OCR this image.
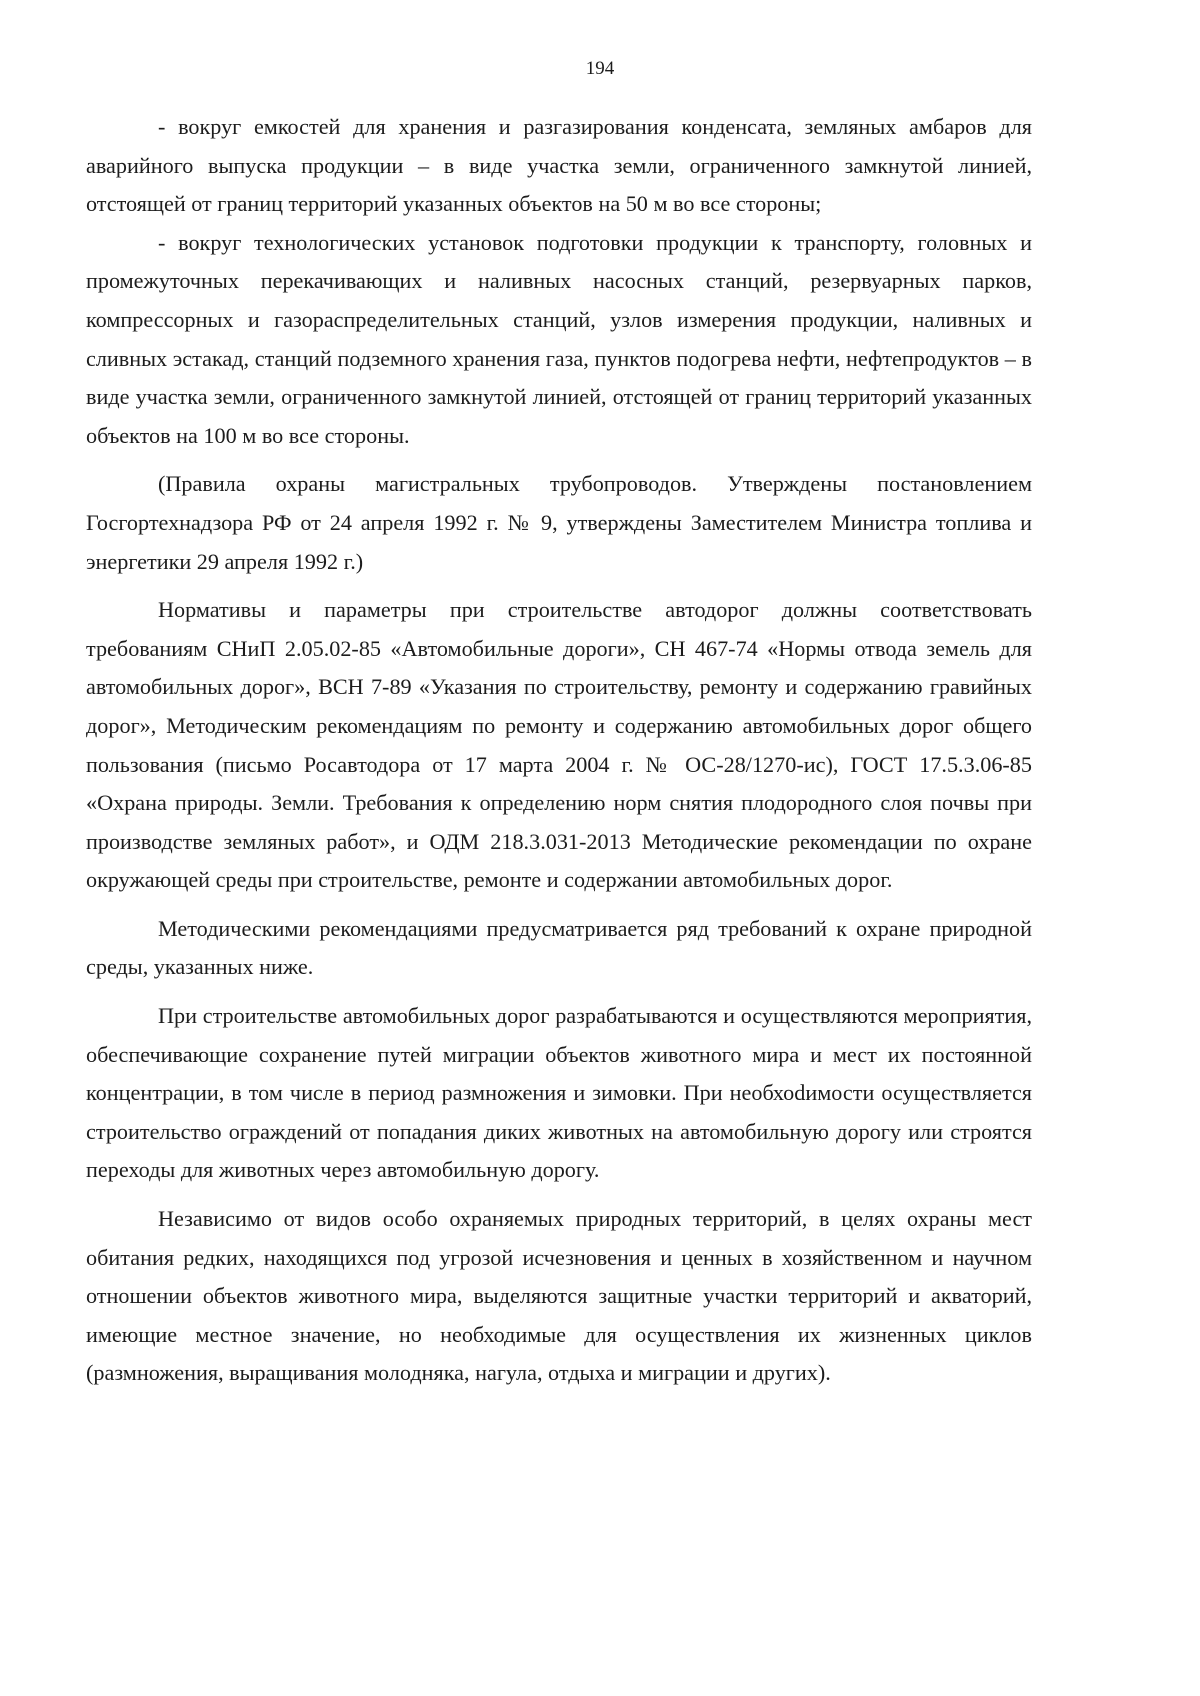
194

- вокруг емкостей для хранения и разгазирования конденсата, земляных амбаров для аварийного выпуска продукции – в виде участка земли, ограниченного замкнутой линией, отстоящей от границ территорий указанных объектов на 50 м во все стороны;

- вокруг технологических установок подготовки продукции к транспорту, головных и промежуточных перекачивающих и наливных насосных станций, резервуарных парков, компрессорных и газораспределительных станций, узлов измерения продукции, наливных и сливных эстакад, станций подземного хранения газа, пунктов подогрева нефти, нефтепродуктов – в виде участка земли, ограниченного замкнутой линией, отстоящей от границ территорий указанных объектов на 100 м во все стороны.

(Правила охраны магистральных трубопроводов. Утверждены постановлением Госгортехнадзора РФ от 24 апреля 1992 г. № 9, утверждены Заместителем Министра топлива и энергетики 29 апреля 1992 г.)

Нормативы и параметры при строительстве автодорог должны соответствовать требованиям СНиП 2.05.02-85 «Автомобильные дороги», СН 467-74 «Нормы отвода земель для автомобильных дорог», ВСН 7-89 «Указания по строительству, ремонту и содержанию гравийных дорог», Методическим рекомендациям по ремонту и содержанию автомобильных дорог общего пользования (письмо Росавтодора от 17 марта 2004 г. № ОС-28/1270-ис), ГОСТ 17.5.3.06-85 «Охрана природы. Земли. Требования к определению норм снятия плодородного слоя почвы при производстве земляных работ», и ОДМ 218.3.031-2013 Методические рекомендации по охране окружающей среды при строительстве, ремонте и содержании автомобильных дорог.

Методическими рекомендациями предусматривается ряд требований к охране природной среды, указанных ниже.

При строительстве автомобильных дорог разрабатываются и осуществляются мероприятия, обеспечивающие сохранение путей миграции объектов животного мира и мест их постоянной концентрации, в том числе в период размножения и зимовки. При необхоdимости осуществляется строительство ограждений от попадания диких животных на автомобильную дорогу или строятся переходы для животных через автомобильную дорогу.

Независимо от видов особо охраняемых природных территорий, в целях охраны мест обитания редких, находящихся под угрозой исчезновения и ценных в хозяйственном и научном отношении объектов животного мира, выделяются защитные участки территорий и акваторий, имеющие местное значение, но необходимые для осуществления их жизненных циклов (размножения, выращивания молодняка, нагула, отдыха и миграции и других).
